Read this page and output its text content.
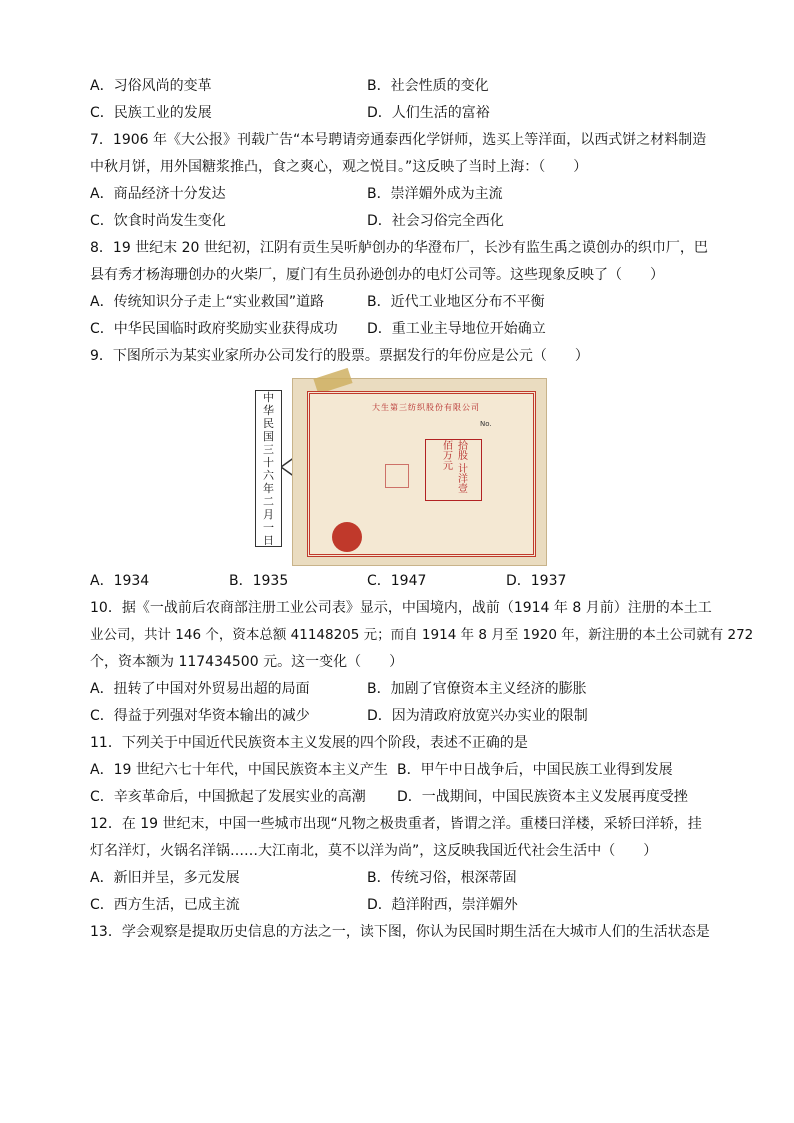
A．习俗风尚的变革	B．社会性质的变化
C．民族工业的发展	D．人们生活的富裕
7．1906 年《大公报》刊载广告“本号聘请旁通泰西化学饼师，选买上等洋面，以西式饼之材料制造
中秋月饼，用外国糖浆推凸，食之爽心，观之悦目。”这反映了当时上海：（　　）
A．商品经济十分发达	B．崇洋媚外成为主流
C．饮食时尚发生变化	D．社会习俗完全西化
8．19 世纪末 20 世纪初，江阴有贡生吴听舻创办的华澄布厂，长沙有监生禹之谟创办的织巾厂，巴
县有秀才杨海珊创办的火柴厂，厦门有生员孙逊创办的电灯公司等。这些现象反映了（　　）
A．传统知识分子走上“实业救国”道路	B．近代工业地区分布不平衡
C．中华民国临时政府奖励实业获得成功 D．重工业主导地位开始确立
9．下图所示为某实业家所办公司发行的股票。票据发行的年份应是公元（　　）
中
华
民
国
三
十
六
年
二
月
一
日
大生第三纺织股份有限公司
No.
拾股 计洋壹佰万元
A．1934	B．1935	C．1947	D．1937
10．据《一战前后农商部注册工业公司表》显示，中国境内，战前（1914 年 8 月前）注册的本土工
业公司，共计 146 个，资本总额 41148205 元；而自 1914 年 8 月至 1920 年，新注册的本土公司就有 272
个，资本额为 117434500 元。这一变化（　　）
A．扭转了中国对外贸易出超的局面	B．加剧了官僚资本主义经济的膨胀
C．得益于列强对华资本输出的减少	D．因为清政府放宽兴办实业的限制
11．下列关于中国近代民族资本主义发展的四个阶段，表述不正确的是
A．19 世纪六七十年代，中国民族资本主义产生 B．甲午中日战争后，中国民族工业得到发展
C．辛亥革命后，中国掀起了发展实业的高潮 D．一战期间，中国民族资本主义发展再度受挫
12．在 19 世纪末，中国一些城市出现“凡物之极贵重者，皆谓之洋。重楼曰洋楼，采轿曰洋轿，挂
灯名洋灯，火锅名洋锅……大江南北，莫不以洋为尚”，这反映我国近代社会生活中（　　）
A．新旧并呈，多元发展	B．传统习俗，根深蒂固
C．西方生活，已成主流	D．趋洋附西，崇洋媚外
13．学会观察是提取历史信息的方法之一，读下图，你认为民国时期生活在大城市人们的生活状态是
